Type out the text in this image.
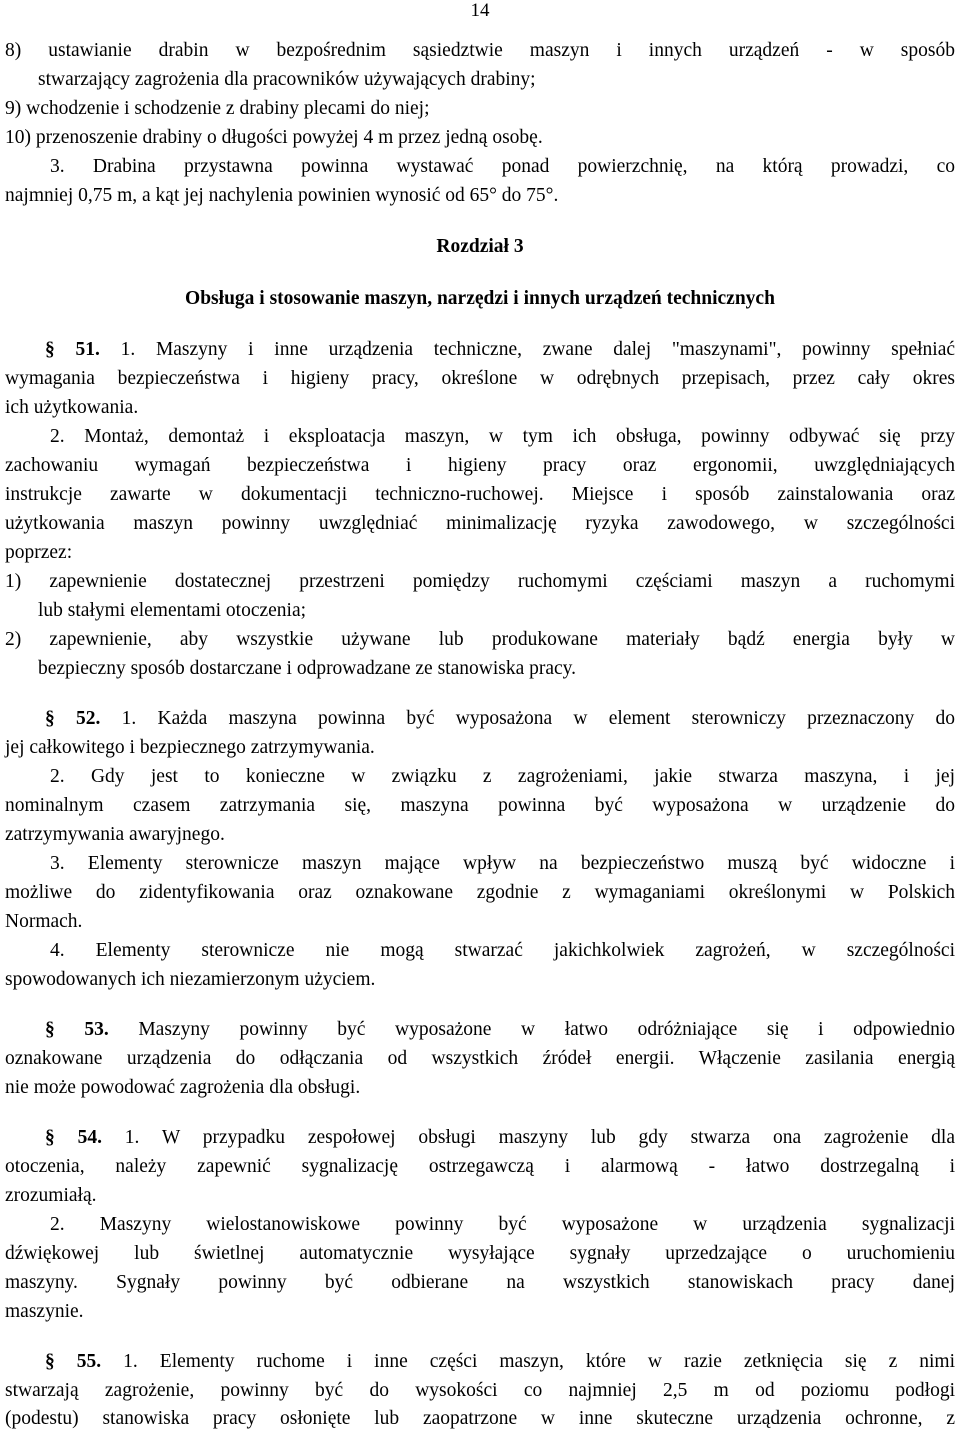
14
8) ustawianie drabin w bezpośrednim sąsiedztwie maszyn i innych urządzeń - w sposób
stwarzający zagrożenia dla pracowników używających drabiny;
9) wchodzenie i schodzenie z drabiny plecami do niej;
10) przenoszenie drabiny o długości powyżej 4 m przez jedną osobę.
3. Drabina przystawna powinna wystawać ponad powierzchnię, na którą prowadzi, co
najmniej 0,75 m, a kąt jej nachylenia powinien wynosić od 65° do 75°.
Rozdział 3
Obsługa i stosowanie maszyn, narzędzi i innych urządzeń technicznych
§ 51. 1. Maszyny i inne urządzenia techniczne, zwane dalej "maszynami", powinny spełniać
wymagania bezpieczeństwa i higieny pracy, określone w odrębnych przepisach, przez cały okres
ich użytkowania.
2. Montaż, demontaż i eksploatacja maszyn, w tym ich obsługa, powinny odbywać się przy
zachowaniu wymagań bezpieczeństwa i higieny pracy oraz ergonomii, uwzględniających
instrukcje zawarte w dokumentacji techniczno-ruchowej. Miejsce i sposób zainstalowania oraz
użytkowania maszyn powinny uwzględniać minimalizację ryzyka zawodowego, w szczególności
poprzez:
1) zapewnienie dostatecznej przestrzeni pomiędzy ruchomymi częściami maszyn a ruchomymi
lub stałymi elementami otoczenia;
2) zapewnienie, aby wszystkie używane lub produkowane materiały bądź energia były w
bezpieczny sposób dostarczane i odprowadzane ze stanowiska pracy.
§ 52. 1. Każda maszyna powinna być wyposażona w element sterowniczy przeznaczony do
jej całkowitego i bezpiecznego zatrzymywania.
2. Gdy jest to konieczne w związku z zagrożeniami, jakie stwarza maszyna, i jej
nominalnym czasem zatrzymania się, maszyna powinna być wyposażona w urządzenie do
zatrzymywania awaryjnego.
3. Elementy sterownicze maszyn mające wpływ na bezpieczeństwo muszą być widoczne i
możliwe do zidentyfikowania oraz oznakowane zgodnie z wymaganiami określonymi w Polskich
Normach.
4. Elementy sterownicze nie mogą stwarzać jakichkolwiek zagrożeń, w szczególności
spowodowanych ich niezamierzonym użyciem.
§ 53. Maszyny powinny być wyposażone w łatwo odróżniające się i odpowiednio
oznakowane urządzenia do odłączania od wszystkich źródeł energii. Włączenie zasilania energią
nie może powodować zagrożenia dla obsługi.
§ 54. 1. W przypadku zespołowej obsługi maszyny lub gdy stwarza ona zagrożenie dla
otoczenia, należy zapewnić sygnalizację ostrzegawczą i alarmową - łatwo dostrzegalną i
zrozumiałą.
2. Maszyny wielostanowiskowe powinny być wyposażone w urządzenia sygnalizacji
dźwiękowej lub świetlnej automatycznie wysyłające sygnały uprzedzające o uruchomieniu
maszyny. Sygnały powinny być odbierane na wszystkich stanowiskach pracy danej
maszynie.
§ 55. 1. Elementy ruchome i inne części maszyn, które w razie zetknięcia się z nimi
stwarzają zagrożenie, powinny być do wysokości co najmniej 2,5 m od poziomu podłogi
(podestu) stanowiska pracy osłonięte lub zaopatrzone w inne skuteczne urządzenia ochronne, z
